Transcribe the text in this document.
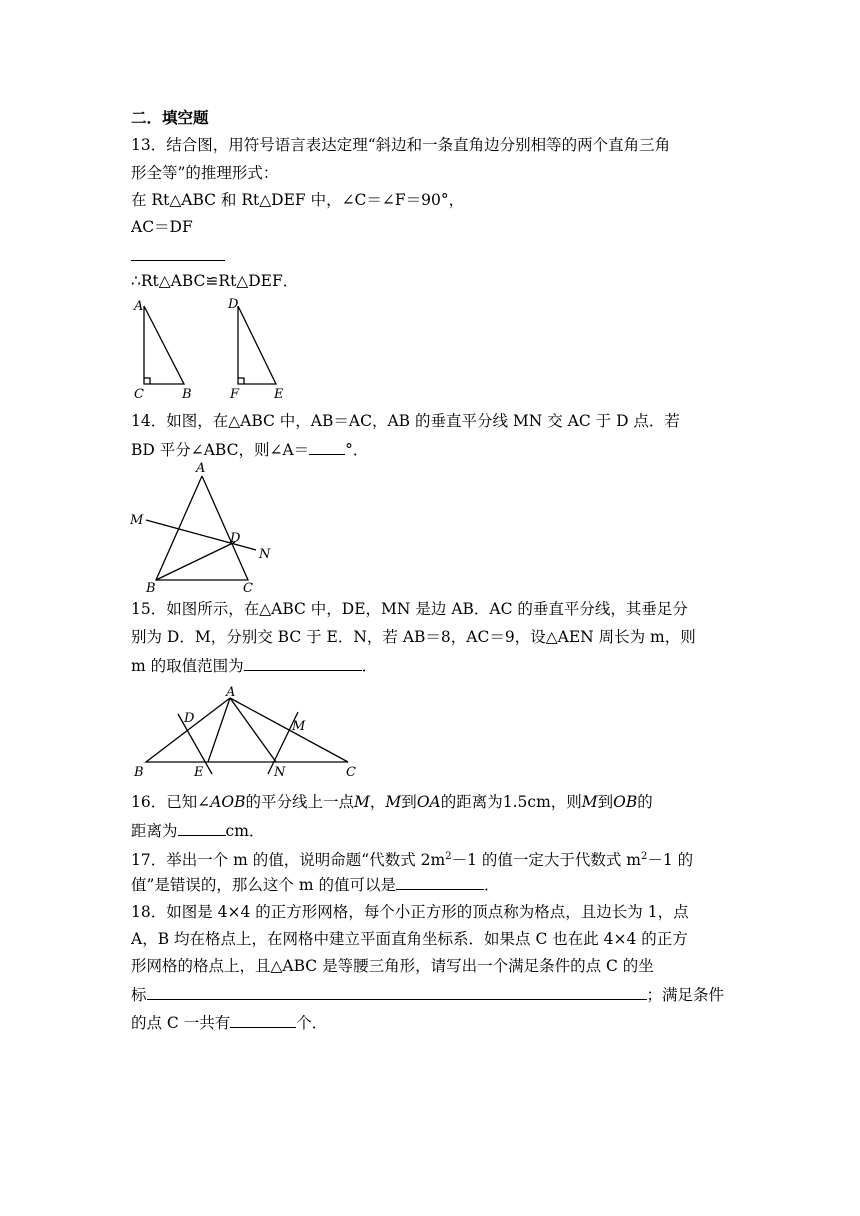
二．填空题
13．结合图，用符号语言表达定理“斜边和一条直角边分别相等的两个直角三角
形全等”的推理形式：
在 Rt△ABC 和 Rt△DEF 中，∠C＝∠F＝90°，
AC＝DF
∴Rt△ABC≌Rt△DEF．
A
C	B
D
F	E
14．如图，在△ABC 中，AB＝AC，AB 的垂直平分线 MN 交 AC 于 D 点．若
BD 平分∠ABC，则∠A＝ °．
A
M
D
N
B	C
15．如图所示，在△ABC 中，DE，MN 是边 AB．AC 的垂直平分线，其垂足分
别为 D．M，分别交 BC 于 E．N，若 AB＝8，AC＝9，设△AEN 周长为 m，则
m 的取值范围为	．
A
D
M
B	E	N	C
16．已知∠AOB的平分线上一点M，M到OA的距离为1.5cm，则M到OB的
距离为	cm．
17．举出一个 m 的值，说明命题“代数式 $2m^2-1$ 的值一定大于代数式 $m^2-1$ 的
值”是错误的，那么这个 m 的值可以是	．
18．如图是 4×4 的正方形网格，每个小正方形的顶点称为格点，且边长为 1，点
A，B 均在格点上，在网格中建立平面直角坐标系．如果点 C 也在此 4×4 的正方
形网格的格点上，且△ABC 是等腰三角形，请写出一个满足条件的点 C 的坐
标	；满足条件
的点 C 一共有	个．
